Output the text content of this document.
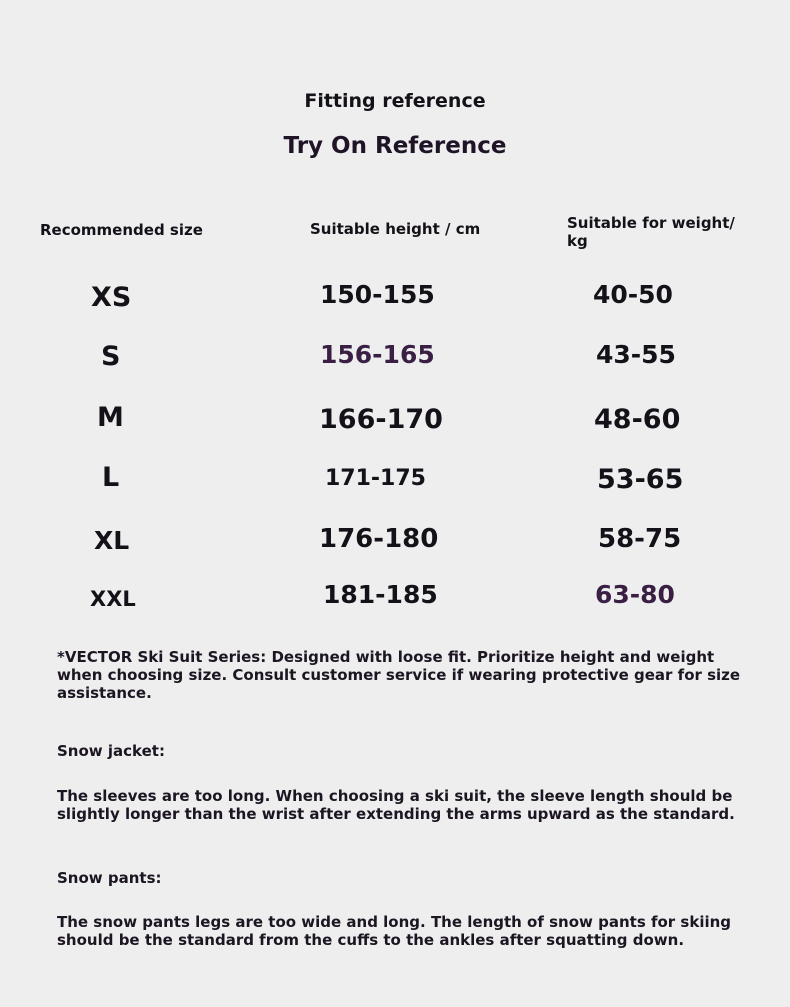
Fitting reference
Try On Reference
Recommended size	Suitable height / cm	Suitable for weight/ kg
XS	150-155	40-50
S	156-165	43-55
M	166-170	48-60
L	171-175	53-65
XL	176-180	58-75
XXL	181-185	63-80
*VECTOR Ski Suit Series: Designed with loose fit. Prioritize height and weight when choosing size. Consult customer service if wearing protective gear for size assistance.
Snow jacket:
The sleeves are too long. When choosing a ski suit, the sleeve length should be slightly longer than the wrist after extending the arms upward as the standard.
Snow pants:
The snow pants legs are too wide and long. The length of snow pants for skiing should be the standard from the cuffs to the ankles after squatting down.
